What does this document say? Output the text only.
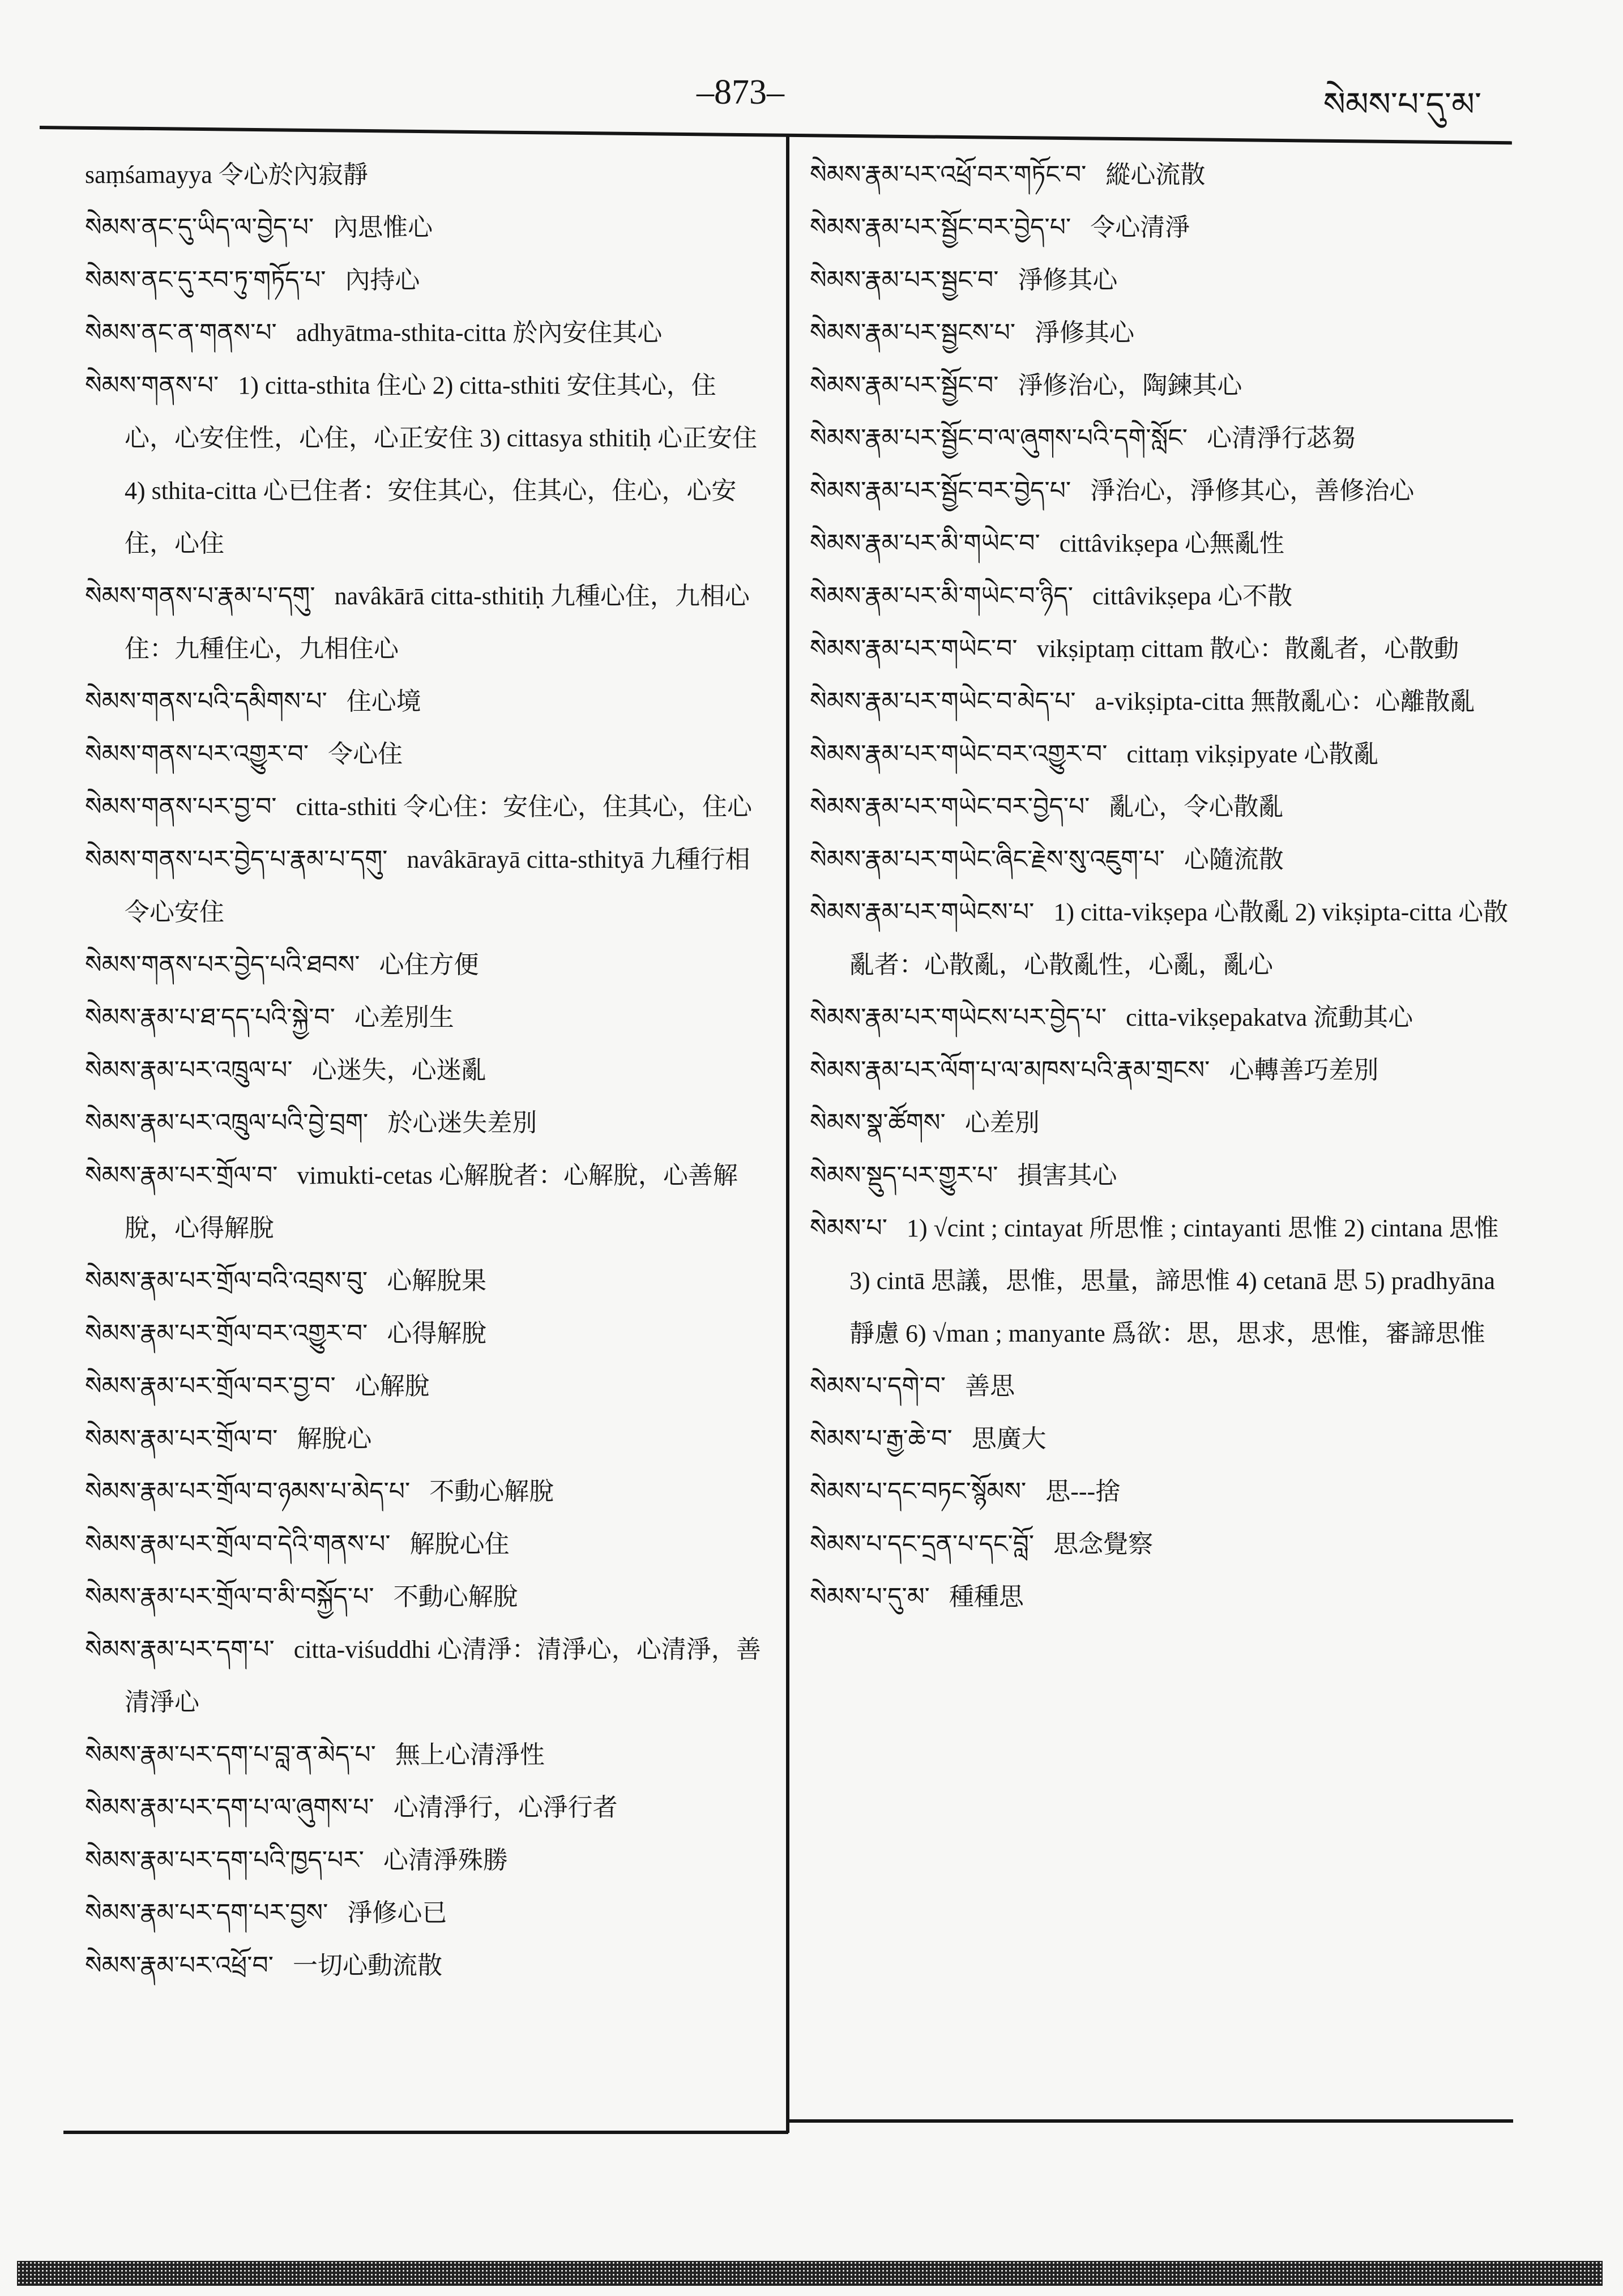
–873–	སེམས་པ་དུ་མ་

saṃśamayya 令心於內寂靜

སེམས་ནང་དུ་ཡིད་ལ་བྱེད་པ་ 內思惟心

སེམས་ནང་དུ་རབ་ཏུ་གཏོད་པ་ 內持心

སེམས་ནང་ན་གནས་པ་ adhyātma-sthita-citta 於內安住其心

སེམས་གནས་པ་ 1) citta-sthita 住心 2) citta-sthiti 安住其心，住心，心安住性，心住，心正安住 3) cittasya sthitiḥ 心正安住 4) sthita-citta 心已住者：安住其心，住其心，住心，心安住，心住

སེམས་གནས་པ་རྣམ་པ་དགུ་ navâkārā citta-sthitiḥ 九種心住，九相心住：九種住心，九相住心

སེམས་གནས་པའི་དམིགས་པ་ 住心境

སེམས་གནས་པར་འགྱུར་བ་ 令心住

སེམས་གནས་པར་བྱ་བ་ citta-sthiti 令心住：安住心，住其心，住心

སེམས་གནས་པར་བྱེད་པ་རྣམ་པ་དགུ་ navâkārayā citta-sthityā 九種行相令心安住

སེམས་གནས་པར་བྱེད་པའི་ཐབས་ 心住方便

སེམས་རྣམ་པ་ཐ་དད་པའི་སྐྱེ་བ་ 心差別生

སེམས་རྣམ་པར་འཁྲུལ་པ་ 心迷失，心迷亂

སེམས་རྣམ་པར་འཁྲུལ་པའི་བྱེ་བྲག་ 於心迷失差別

སེམས་རྣམ་པར་གྲོལ་བ་ vimukti-cetas 心解脫者：心解脫，心善解脫，心得解脫

སེམས་རྣམ་པར་གྲོལ་བའི་འབྲས་བུ་ 心解脫果

སེམས་རྣམ་པར་གྲོལ་བར་འགྱུར་བ་ 心得解脫

སེམས་རྣམ་པར་གྲོལ་བར་བྱ་བ་ 心解脫

སེམས་རྣམ་པར་གྲོལ་བ་ 解脫心

སེམས་རྣམ་པར་གྲོལ་བ་ཉམས་པ་མེད་པ་ 不動心解脫

སེམས་རྣམ་པར་གྲོལ་བ་དེའི་གནས་པ་ 解脫心住

སེམས་རྣམ་པར་གྲོལ་བ་མི་བསྐྱོད་པ་ 不動心解脫

སེམས་རྣམ་པར་དག་པ་ citta-viśuddhi 心清淨：清淨心，心清淨，善清淨心

སེམས་རྣམ་པར་དག་པ་བླ་ན་མེད་པ་ 無上心清淨性

སེམས་རྣམ་པར་དག་པ་ལ་ཞུགས་པ་ 心清淨行，心淨行者

སེམས་རྣམ་པར་དག་པའི་ཁྱད་པར་ 心清淨殊勝

སེམས་རྣམ་པར་དག་པར་བྱས་ 淨修心已

སེམས་རྣམ་པར་འཕྲོ་བ་ 一切心動流散

སེམས་རྣམ་པར་འཕྲོ་བར་གཏོང་བ་ 縱心流散

སེམས་རྣམ་པར་སྦྱོང་བར་བྱེད་པ་ 令心清淨

སེམས་རྣམ་པར་སྦྱང་བ་ 淨修其心

སེམས་རྣམ་པར་སྦྱངས་པ་ 淨修其心

སེམས་རྣམ་པར་སྦྱོང་བ་ 淨修治心，陶鍊其心

སེམས་རྣམ་པར་སྦྱོང་བ་ལ་ཞུགས་པའི་དགེ་སློང་ 心清淨行苾芻

སེམས་རྣམ་པར་སྦྱོང་བར་བྱེད་པ་ 淨治心，淨修其心，善修治心

སེམས་རྣམ་པར་མི་གཡེང་བ་ cittâvikṣepa 心無亂性

སེམས་རྣམ་པར་མི་གཡེང་བ་ཉིད་ cittâvikṣepa 心不散

སེམས་རྣམ་པར་གཡེང་བ་ vikṣiptaṃ cittam 散心：散亂者，心散動

སེམས་རྣམ་པར་གཡེང་བ་མེད་པ་ a-vikṣipta-citta 無散亂心：心離散亂

སེམས་རྣམ་པར་གཡེང་བར་འགྱུར་བ་ cittaṃ vikṣipyate 心散亂

སེམས་རྣམ་པར་གཡེང་བར་བྱེད་པ་ 亂心，令心散亂

སེམས་རྣམ་པར་གཡེང་ཞིང་རྗེས་སུ་འཇུག་པ་ 心隨流散

སེམས་རྣམ་པར་གཡེངས་པ་ 1) citta-vikṣepa 心散亂 2) vikṣipta-citta 心散亂者：心散亂，心散亂性，心亂，亂心

སེམས་རྣམ་པར་གཡེངས་པར་བྱེད་པ་ citta-vikṣepakatva 流動其心

སེམས་རྣམ་པར་ལོག་པ་ལ་མཁས་པའི་རྣམ་གྲངས་ 心轉善巧差別

སེམས་སྣ་ཚོགས་ 心差別

སེམས་སྡུད་པར་གྱུར་པ་ 損害其心

སེམས་པ་ 1) √cint ; cintayat 所思惟 ; cintayanti 思惟 2) cintana 思惟 3) cintā 思議，思惟，思量，諦思惟 4) cetanā 思 5) pradhyāna 靜慮 6) √man ; manyante 爲欲：思，思求，思惟，審諦思惟

སེམས་པ་དགེ་བ་ 善思

སེམས་པ་རྒྱ་ཆེ་བ་ 思廣大

སེམས་པ་དང་བཏང་སྙོམས་ 思---捨

སེམས་པ་དང་དྲན་པ་དང་བློ་ 思念覺察

སེམས་པ་དུ་མ་ 種種思
